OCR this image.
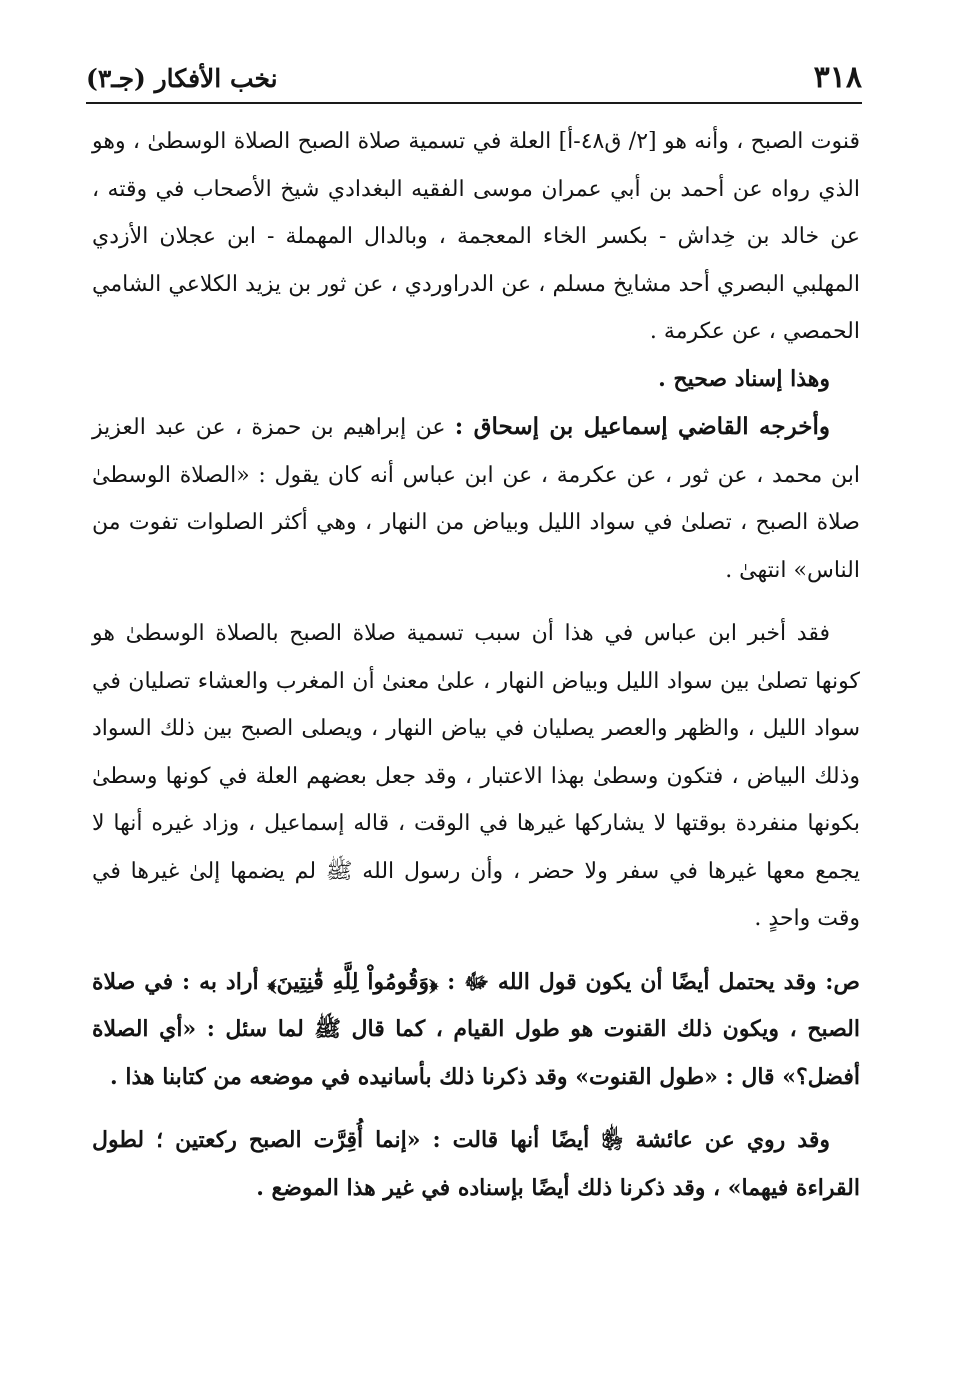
٣١٨
نخب الأفكار (جـ٣)

قنوت الصبح ، وأنه هو [٢/ ق٤٨-أ] العلة في تسمية صلاة الصبح الصلاة الوسطىٰ ، وهو الذي رواه عن أحمد بن أبي عمران موسى الفقيه البغدادي شيخ الأصحاب في وقته ، عن خالد بن خِداش - بكسر الخاء المعجمة ، وبالدال المهملة - ابن عجلان الأزدي المهلبي البصري أحد مشايخ مسلم ، عن الدراوردي ، عن ثور بن يزيد الكلاعي الشامي الحمصي ، عن عكرمة .

وهذا إسناد صحيح .

وأخرجه القاضي إسماعيل بن إسحاق : عن إبراهيم بن حمزة ، عن عبد العزيز ابن محمد ، عن ثور ، عن عكرمة ، عن ابن عباس أنه كان يقول : «الصلاة الوسطىٰ صلاة الصبح ، تصلىٰ في سواد الليل وبياض من النهار ، وهي أكثر الصلوات تفوت من الناس» انتهىٰ .

فقد أخبر ابن عباس في هذا أن سبب تسمية صلاة الصبح بالصلاة الوسطىٰ هو كونها تصلىٰ بين سواد الليل وبياض النهار ، علىٰ معنىٰ أن المغرب والعشاء تصليان في سواد الليل ، والظهر والعصر يصليان في بياض النهار ، ويصلى الصبح بين ذلك السواد وذلك البياض ، فتكون وسطىٰ بهذا الاعتبار ، وقد جعل بعضهم العلة في كونها وسطىٰ بكونها منفردة بوقتها لا يشاركها غيرها في الوقت ، قاله إسماعيل ، وزاد غيره أنها لا يجمع معها غيرها في سفر ولا حضر ، وأن رسول الله ﷺ لم يضمها إلىٰ غيرها في وقت واحدٍ .

ص: وقد يحتمل أيضًا أن يكون قول الله ﷻ : ﴿وَقُومُواْ لِلَّهِ قَٰنِتِينَ﴾ أراد به : في صلاة الصبح ، ويكون ذلك القنوت هو طول القيام ، كما قال ﷺ لما سئل : «أي الصلاة أفضل؟» قال : «طول القنوت» وقد ذكرنا ذلك بأسانيده في موضعه من كتابنا هذا .

وقد روي عن عائشة ﵂ أيضًا أنها قالت : «إنما أُقِرَّت الصبح ركعتين ؛ لطول القراءة فيهما» ، وقد ذكرنا ذلك أيضًا بإسناده في غير هذا الموضع .
